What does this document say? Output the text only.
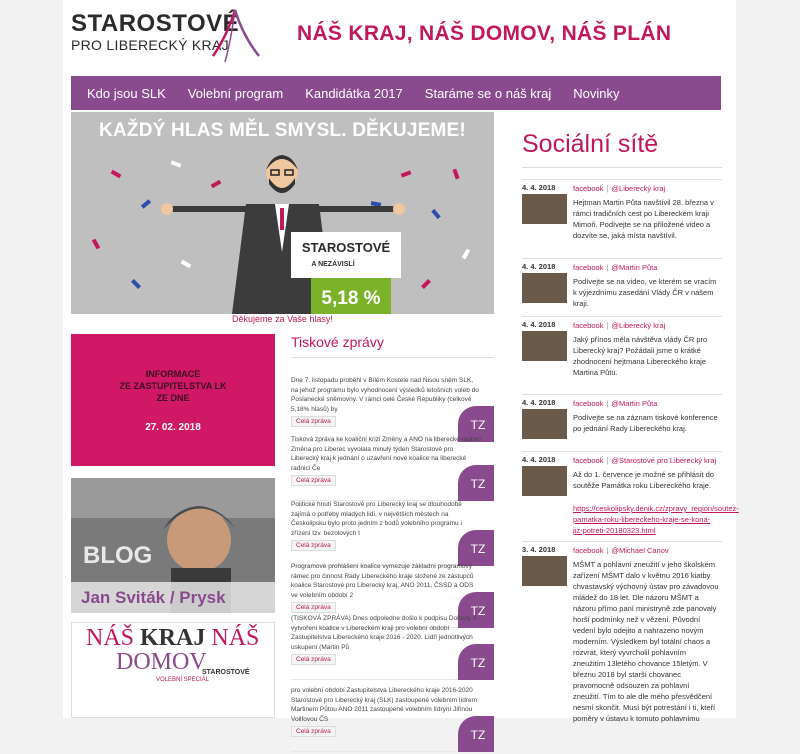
STAROSTOVÉ
PRO LIBERECKÝ KRAJ	NÁŠ KRAJ, NÁŠ DOMOV, NÁŠ PLÁN
Kdo jsou SLK Volební program Kandidátka 2017 Staráme se o náš kraj Novinky
KAŽDÝ HLAS MĚL SMYSL. DĚKUJEME!
STAROSTOVÉ
A NEZÁVISLÍ
5,18 %
Děkujeme za Vaše hlasy!
INFORMACE
ZE ZASTUPITELSTVA LK
ZE DNE
27. 02. 2018
BLOG
Jan Sviták / Prysk
NÁŠ KRAJ NÁŠ
DOMOV
VOLEBNÍ SPECIÁL
STAROSTOVÉ
Tiskové zprávy
Dne 7. listopadu proběhl v Bílém Kostele nad Nisou sněm SLK, na jehož programu bylo vyhodnocení výsledků letošních voleb do Poslanecké sněmovny. V rámci celé České Republiky (celkově 5,18% hlasů) by
Celá zpráva	TZ
Tisková zpráva ke koaliční krizi Změny a ANO na liberecké radnici Změna pro Liberec vyvolala minulý týden Starostové pro Liberecký kraj k jednání o uzavření nové koalice na liberecké radnici Če
Celá zpráva	TZ
Politické hnutí Starostové pro Liberecký kraj se dlouhodobě zajímá o potřeby mladých lidí, v největších městech na Českolipsku bylo proto jedním z bodů volebního programu i zřízení tzv. bezolových t
Celá zpráva	TZ
Programové prohlášení koalice vymezuje základní programový rámec pro činnost Rady Libereckého kraje složené ze zástupců koalice Starostové pro Liberecký kraj, ANO 2011, ČSSD a ODS ve volebním období 2
Celá zpráva	TZ
(TISKOVÁ ZPRÁVA) Dnes odpoledne došlo k podpisu Dohody o vytvoření koalice v Libereckém kraji pro volební období Zastupitelstva Libereckého kraje 2016 - 2020. Lídři jednotlivých uskupení (Martin Pů
Celá zpráva	TZ
pro volební období Zastupitelstva Libereckého kraje 2016-2020 Starostové pro Liberecký kraj (SLK) zastoupené volebním lídrem Martinem Půtou ANO 2011 zastoupené volebním lídryní Jiřinou Vollfovou ČS
Celá zpráva	TZ
Sociální sítě
4. 4. 2018 facebook | @Liberecký kraj
Hejtman Martin Půta navštívil 28. března v rámci tradičních cest po Libereckém kraji Mimoň. Podívejte se na přiložené video a dozvíte se, jaká místa navštívil.
4. 4. 2018 facebook | @Martin Půta
Podívejte se na video, ve kterém se vracím k výjezdnímu zasedání Vlády ČR v našem kraji.
4. 4. 2018 facebook | @Liberecký kraj
Jaký přínos měla návštěva vlády ČR pro Liberecký kraj? Požádali jsme o krátké zhodnocení hejtmana Libereckého kraje Martina Půtu.
4. 4. 2018 facebook | @Martin Půta
Podívejte se na záznam tiskové konference po jednání Rady Libereckého kraj.
4. 4. 2018 facebook | @Starostové pro Liberecký kraj
Až do 1. července je možné se přihlásit do soutěže Památka roku Libereckého kraje.
https://ceskolipsky.denik.cz/zpravy_region/soutez-pamatka-roku-libereckeho-kraje-se-kona-jiz-potreti-20180323.html
3. 4. 2018 facebook | @Michael Canov
MŠMT a pohlavní zneužití v jeho školském zařízení MŠMT dalo v květnu 2016 kiatby chvastavský výchovný ústav pro závadovou mládež do 18 let. Dle názoru MŠMT a názoru přímo paní ministryně zde panovaly horší podmínky než v vězení. Původní vedení bylo odejito a nahrazeno novým moderním. Výsledkem byl totální chaos a rozvrat, který vyvrcholil pohlavním zneužitím 13letého chovance 15letým. V březnu 2018 byl starší chovanec pravomocně odsouzen za pohlavní zneužití. Tím to ale dle mého přesvědčení nesmí skončit. Musí být potrestání i ti, kteří poměry v ústavu k tomuto pohlavnímu
